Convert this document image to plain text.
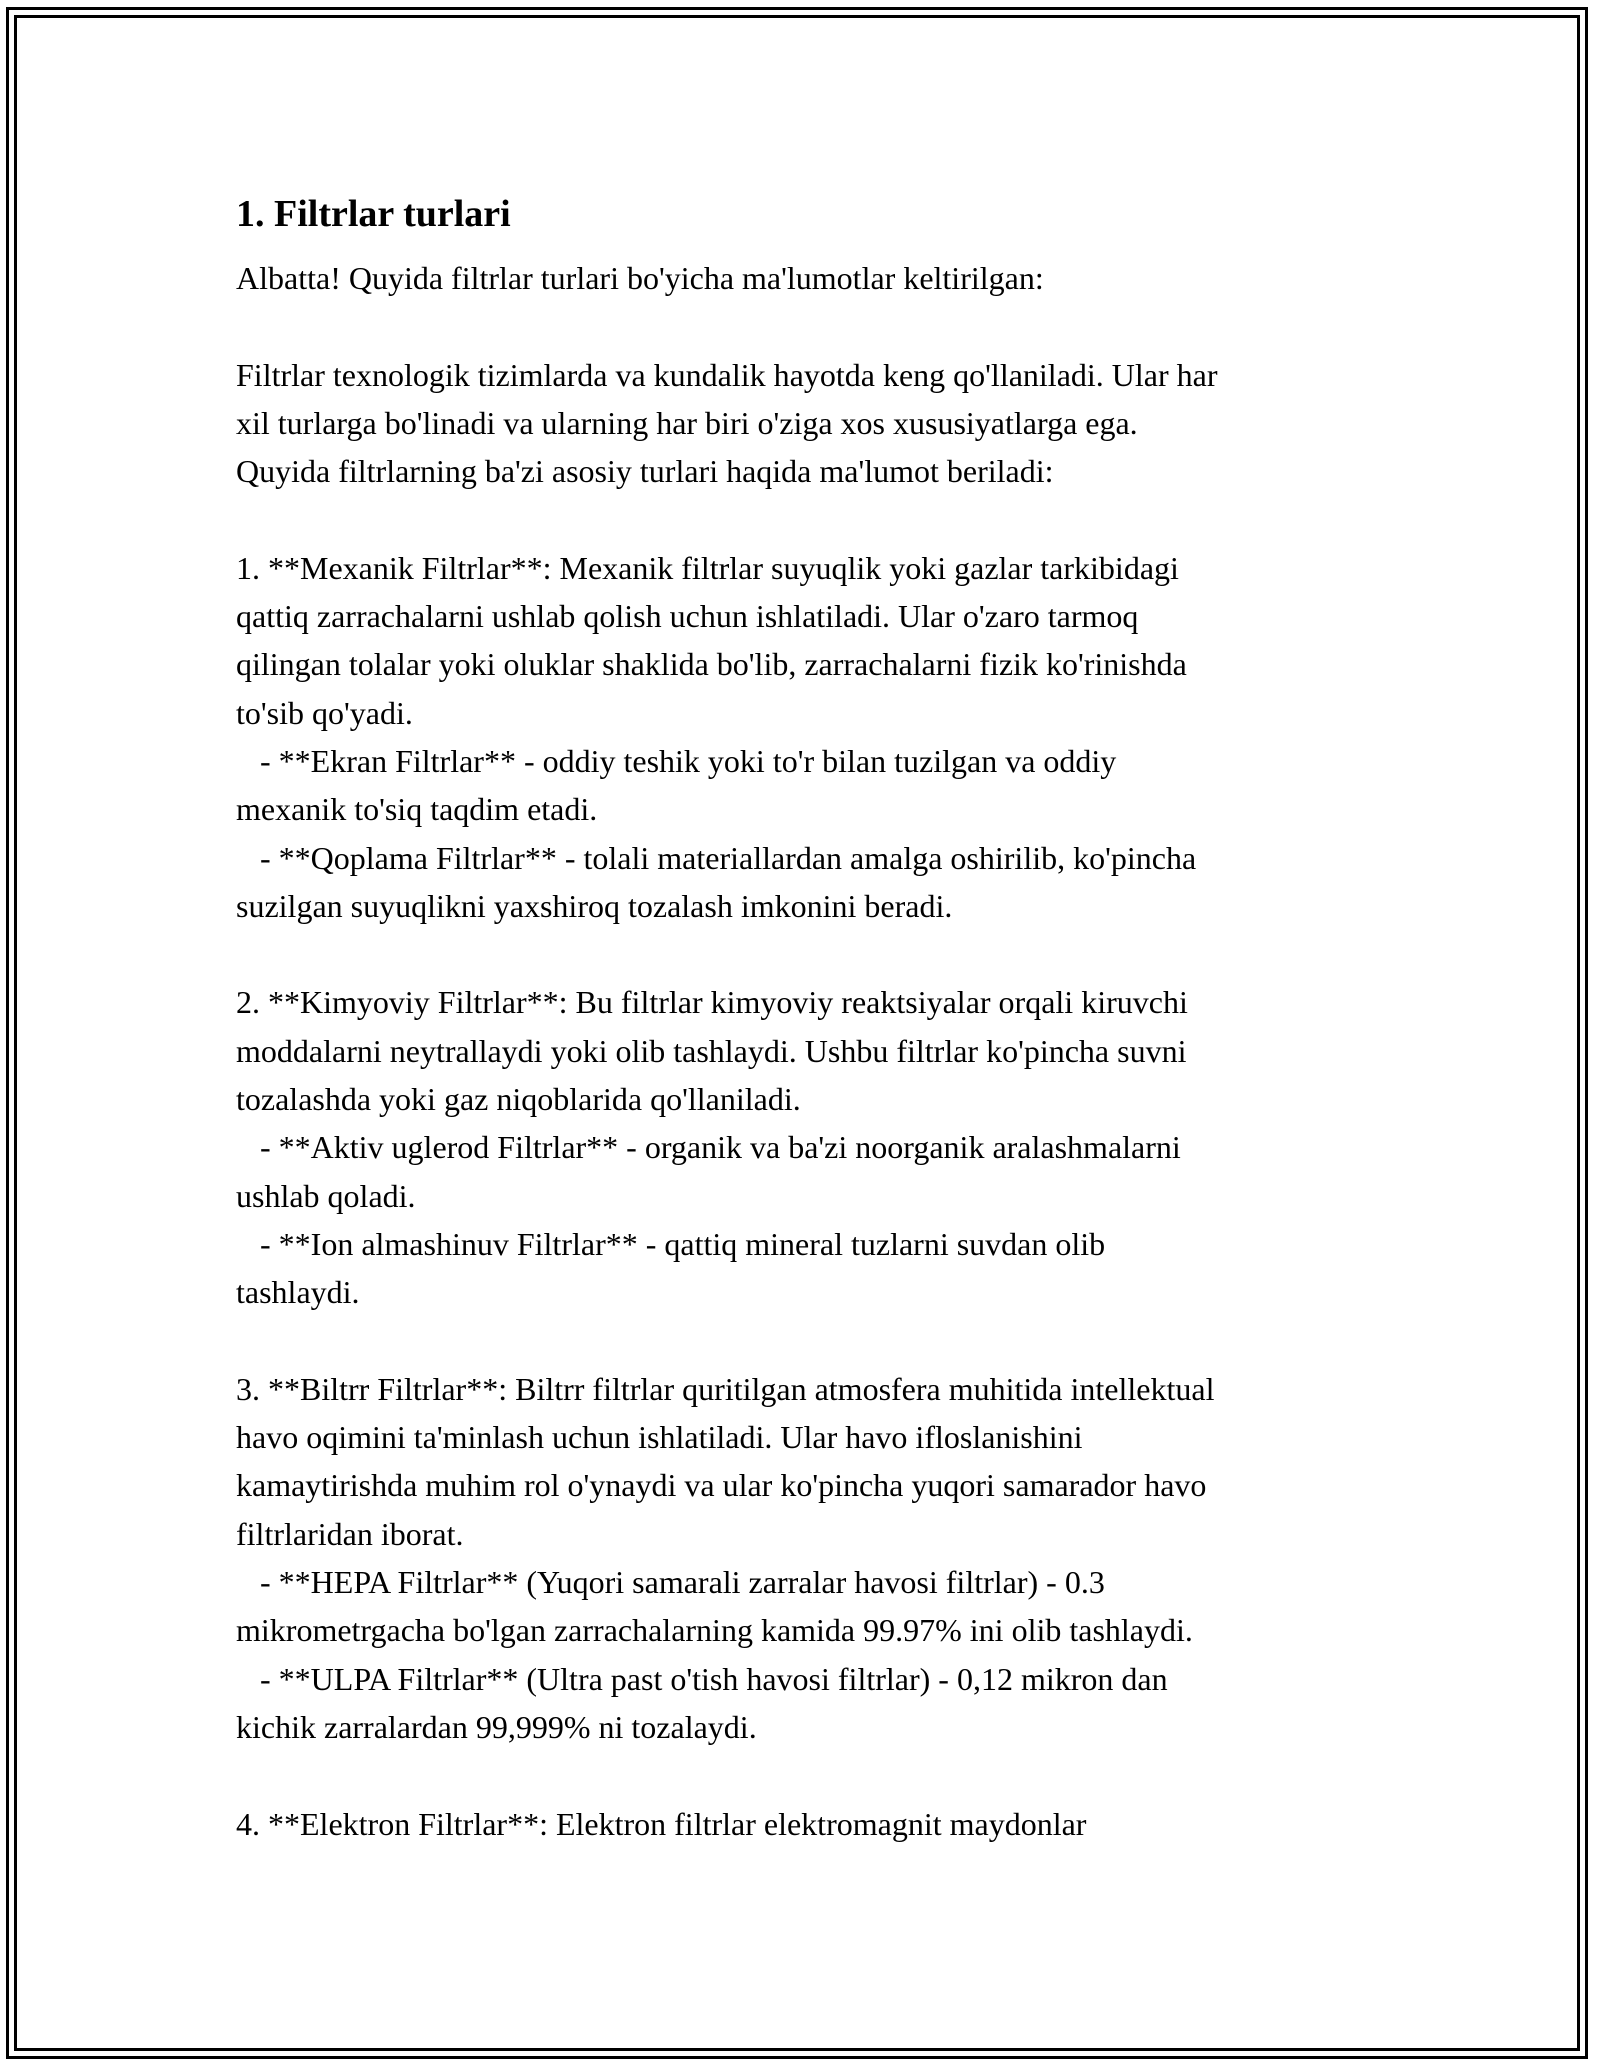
1. Filtrlar turlari
Albatta! Quyida filtrlar turlari bo'yicha ma'lumotlar keltirilgan:
Filtrlar texnologik tizimlarda va kundalik hayotda keng qo'llaniladi. Ular har
xil turlarga bo'linadi va ularning har biri o'ziga xos xususiyatlarga ega.
Quyida filtrlarning ba'zi asosiy turlari haqida ma'lumot beriladi:
1. **Mexanik Filtrlar**: Mexanik filtrlar suyuqlik yoki gazlar tarkibidagi
qattiq zarrachalarni ushlab qolish uchun ishlatiladi. Ular o'zaro tarmoq
qilingan tolalar yoki oluklar shaklida bo'lib, zarrachalarni fizik ko'rinishda
to'sib qo'yadi.
- **Ekran Filtrlar** - oddiy teshik yoki to'r bilan tuzilgan va oddiy
mexanik to'siq taqdim etadi.
- **Qoplama Filtrlar** - tolali materiallardan amalga oshirilib, ko'pincha
suzilgan suyuqlikni yaxshiroq tozalash imkonini beradi.
2. **Kimyoviy Filtrlar**: Bu filtrlar kimyoviy reaktsiyalar orqali kiruvchi
moddalarni neytrallaydi yoki olib tashlaydi. Ushbu filtrlar ko'pincha suvni
tozalashda yoki gaz niqoblarida qo'llaniladi.
- **Aktiv uglerod Filtrlar** - organik va ba'zi noorganik aralashmalarni
ushlab qoladi.
- **Ion almashinuv Filtrlar** - qattiq mineral tuzlarni suvdan olib
tashlaydi.
3. **Biltrr Filtrlar**: Biltrr filtrlar quritilgan atmosfera muhitida intellektual
havo oqimini ta'minlash uchun ishlatiladi. Ular havo ifloslanishini
kamaytirishda muhim rol o'ynaydi va ular ko'pincha yuqori samarador havo
filtrlaridan iborat.
- **HEPA Filtrlar** (Yuqori samarali zarralar havosi filtrlar) - 0.3
mikrometrgacha bo'lgan zarrachalarning kamida 99.97% ini olib tashlaydi.
- **ULPA Filtrlar** (Ultra past o'tish havosi filtrlar) - 0,12 mikron dan
kichik zarralardan 99,999% ni tozalaydi.
4. **Elektron Filtrlar**: Elektron filtrlar elektromagnit maydonlar
